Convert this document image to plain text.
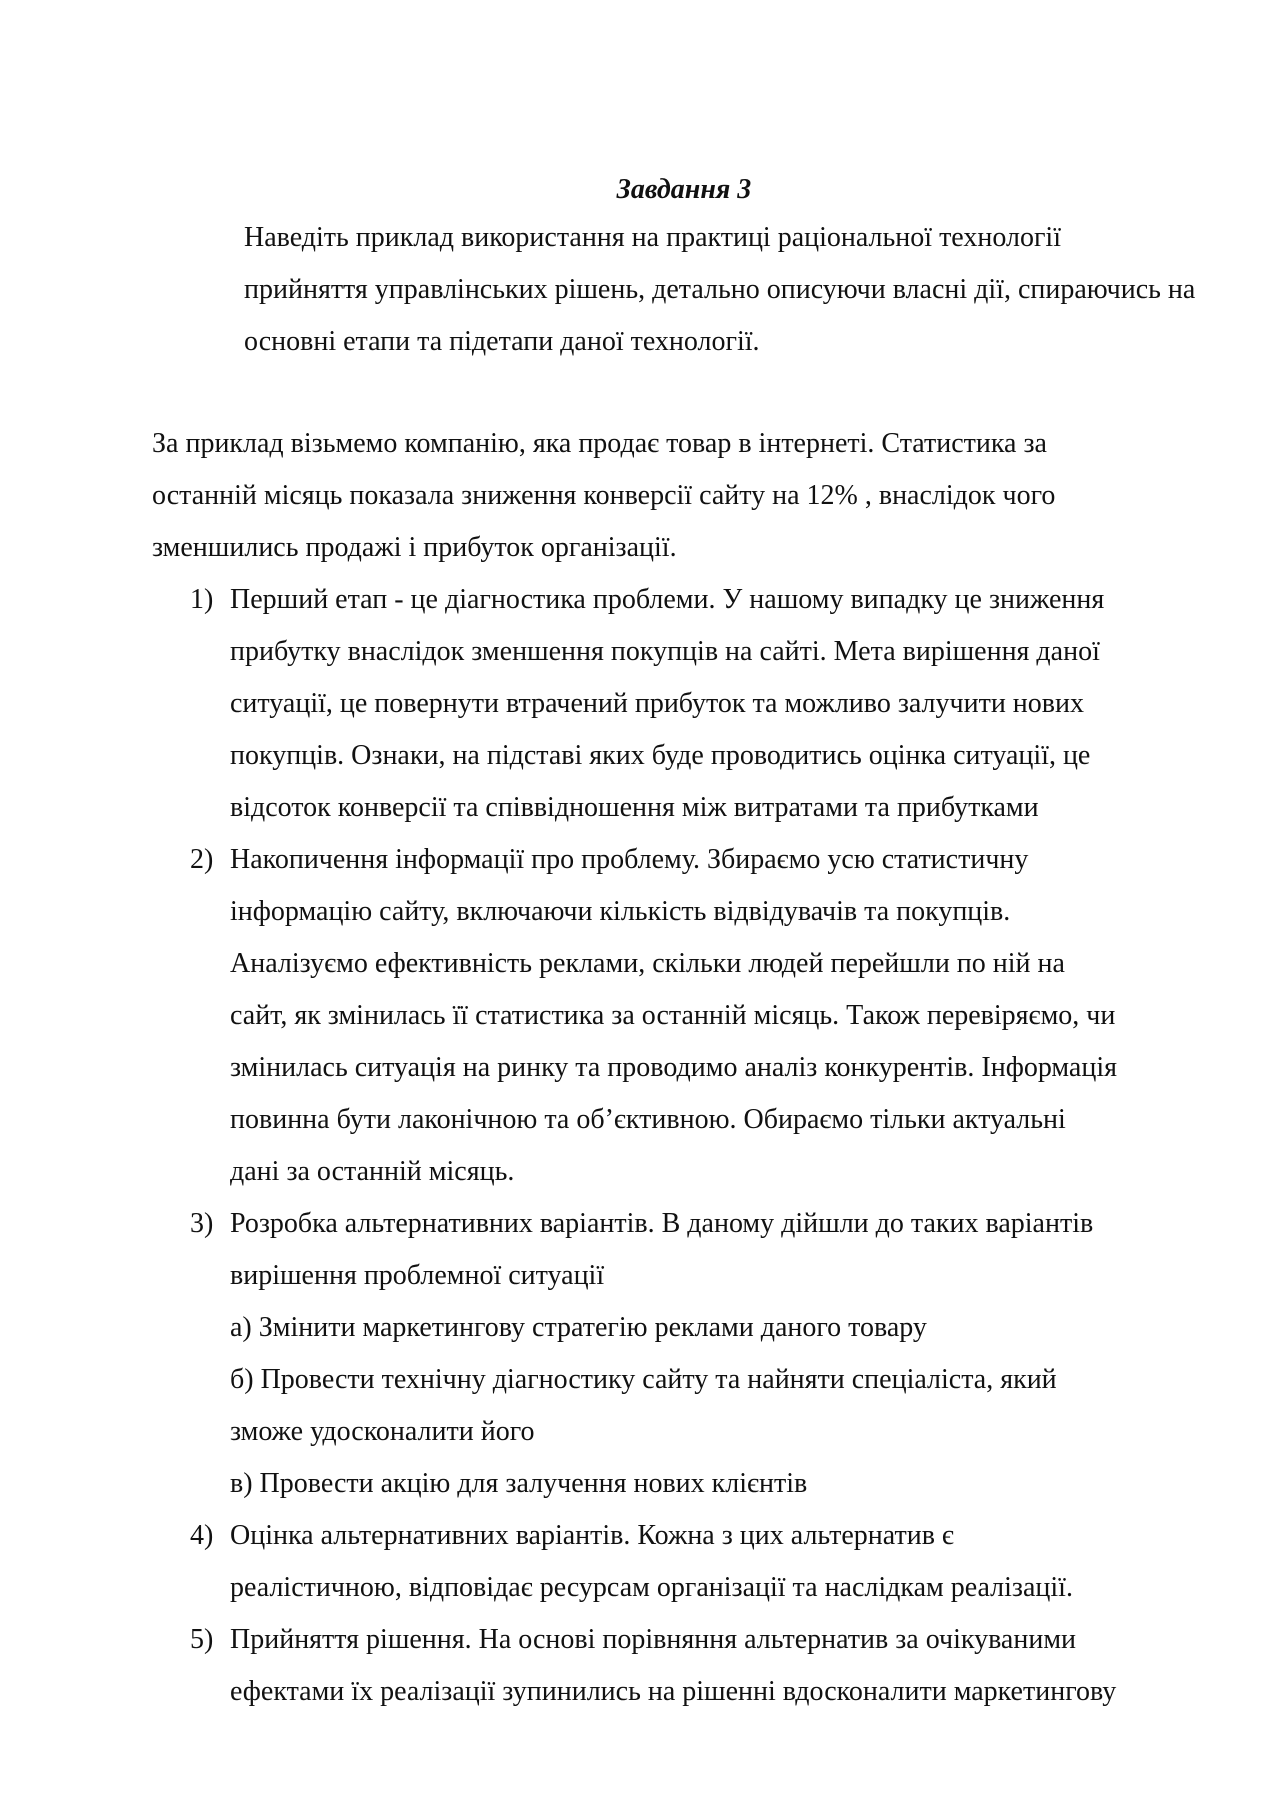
Завдання 3
Наведіть приклад використання на практиці раціональної технології
прийняття управлінських рішень, детально описуючи власні дії, спираючись на
основні етапи та підетапи даної технології.
За приклад візьмемо компанію, яка продає товар в інтернеті. Статистика за
останній місяць показала зниження конверсії сайту на 12% , внаслідок чого
зменшились продажі і прибуток організації.
1) Перший етап - це діагностика проблеми. У нашому випадку це зниження
прибутку внаслідок зменшення покупців на сайті. Мета вирішення даної
ситуації, це повернути втрачений прибуток та можливо залучити нових
покупців. Ознаки, на підставі яких буде проводитись оцінка ситуації, це
відсоток конверсії та співвідношення між витратами та прибутками
2) Накопичення інформації про проблему. Збираємо усю статистичну
інформацію сайту, включаючи кількість відвідувачів та покупців.
Аналізуємо ефективність реклами, скільки людей перейшли по ній на
сайт, як змінилась її статистика за останній місяць. Також перевіряємо, чи
змінилась ситуація на ринку та проводимо аналіз конкурентів. Інформація
повинна бути лаконічною та об’єктивною. Обираємо тільки актуальні
дані за останній місяць.
3) Розробка альтернативних варіантів. В даному дійшли до таких варіантів
вирішення проблемної ситуації
а) Змінити маркетингову стратегію реклами даного товару
б) Провести технічну діагностику сайту та найняти спеціаліста, який
зможе удосконалити його
в) Провести акцію для залучення нових клієнтів
4) Оцінка альтернативних варіантів. Кожна з цих альтернатив є
реалістичною, відповідає ресурсам організації та наслідкам реалізації.
5) Прийняття рішення. На основі порівняння альтернатив за очікуваними
ефектами їх реалізації зупинились на рішенні вдосконалити маркетингову
